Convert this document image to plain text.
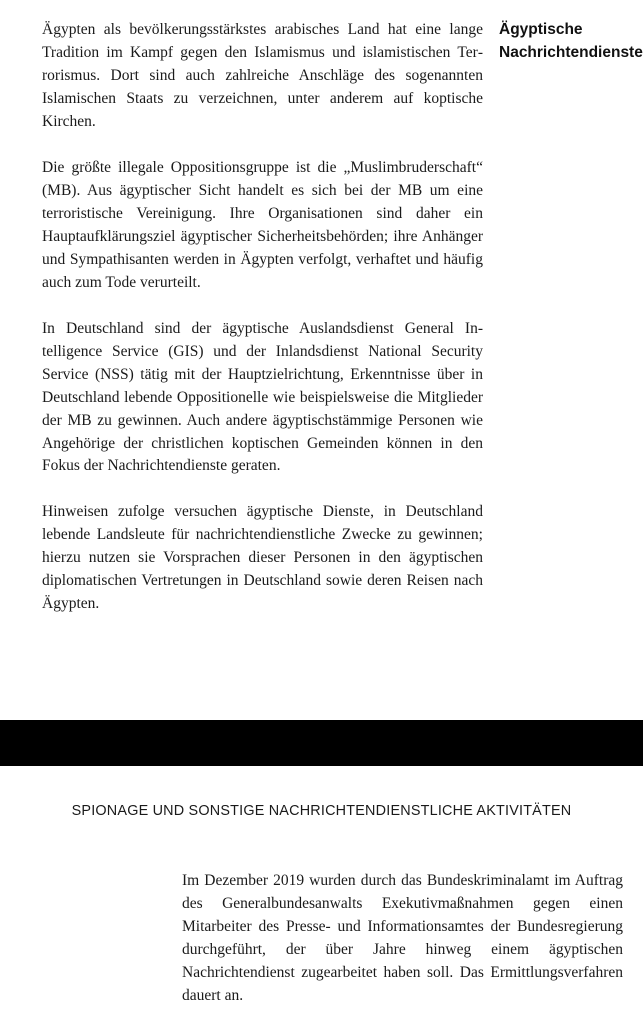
Ägyptische
Nachrichtendienste

Ägypten als bevölkerungsstärkstes arabisches Land hat eine lange Tradition im Kampf gegen den Islamismus und islamistischen Terrorismus. Dort sind auch zahlreiche Anschläge des sogenannten Islamischen Staats zu verzeichnen, unter anderem auf koptische Kirchen.

Die größte illegale Oppositionsgruppe ist die „Muslimbruderschaft“ (MB). Aus ägyptischer Sicht handelt es sich bei der MB um eine terroristische Vereinigung. Ihre Organisationen sind daher ein Hauptaufklärungsziel ägyptischer Sicherheitsbehörden; ihre Anhänger und Sympathisanten werden in Ägypten verfolgt, verhaftet und häufig auch zum Tode verurteilt.

In Deutschland sind der ägyptische Auslandsdienst General Intelligence Service (GIS) und der Inlandsdienst National Security Service (NSS) tätig mit der Hauptzielrichtung, Erkenntnisse über in Deutschland lebende Oppositionelle wie beispielsweise die Mitglieder der MB zu gewinnen. Auch andere ägyptischstämmige Personen wie Angehörige der christlichen koptischen Gemeinden können in den Fokus der Nachrichtendienste geraten.

Hinweisen zufolge versuchen ägyptische Dienste, in Deutschland lebende Landsleute für nachrichtendienstliche Zwecke zu gewinnen; hierzu nutzen sie Vorsprachen dieser Personen in den ägyptischen diplomatischen Vertretungen in Deutschland sowie deren Reisen nach Ägypten.

SPIONAGE UND SONSTIGE NACHRICHTENDIENSTLICHE AKTIVITÄTEN

Im Dezember 2019 wurden durch das Bundeskriminalamt im Auftrag des Generalbundesanwalts Exekutivmaßnahmen gegen einen Mitarbeiter des Presse- und Informationsamtes der Bundesregierung durchgeführt, der über Jahre hinweg einem ägyptischen Nachrichtendienst zugearbeitet haben soll. Das Ermittlungsverfahren dauert an.
